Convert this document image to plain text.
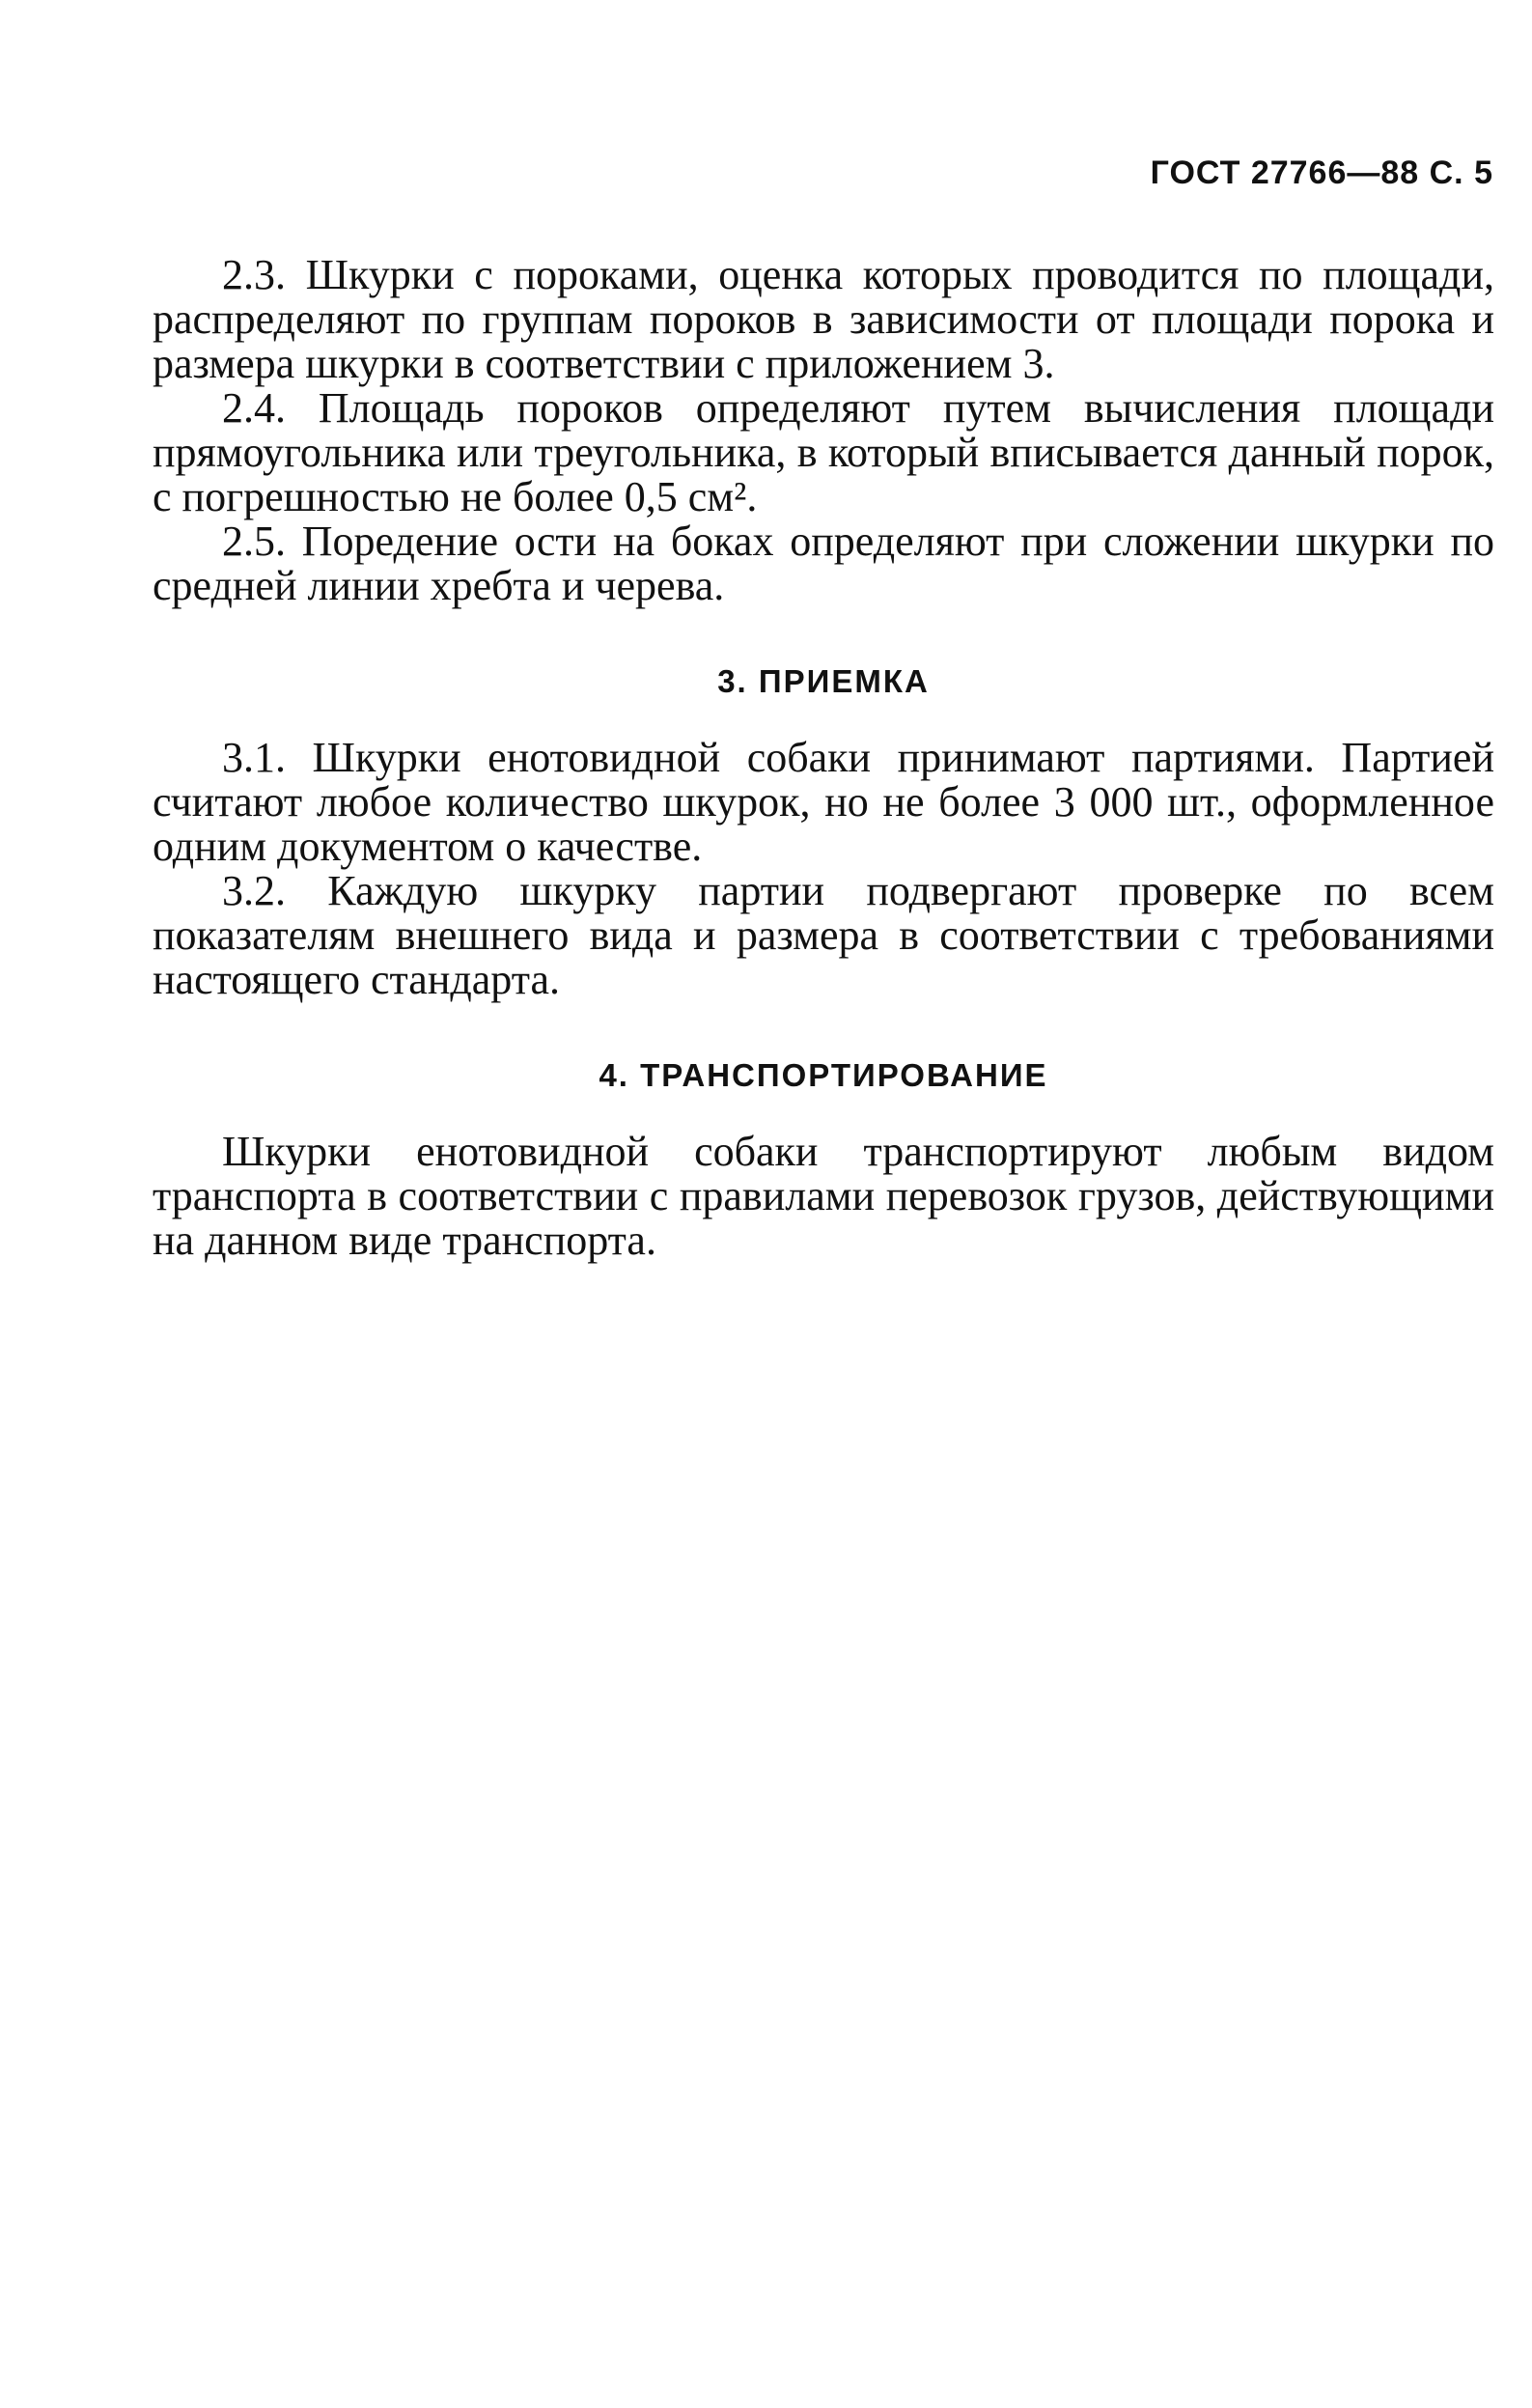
ГОСТ 27766—88 С. 5

2.3. Шкурки с пороками, оценка которых проводится по площади, распределяют по группам пороков в зависимости от площади порока и размера шкурки в соответствии с приложением 3.

2.4. Площадь пороков определяют путем вычисления площади прямоугольника или треугольника, в который вписывается данный порок, с погрешностью не более 0,5 см².

2.5. Поредение ости на боках определяют при сложении шкурки по средней линии хребта и черева.

3. ПРИЕМКА

3.1. Шкурки енотовидной собаки принимают партиями. Партией считают любое количество шкурок, но не более 3 000 шт., оформленное одним документом о качестве.

3.2. Каждую шкурку партии подвергают проверке по всем показателям внешнего вида и размера в соответствии с требованиями настоящего стандарта.

4. ТРАНСПОРТИРОВАНИЕ

Шкурки енотовидной собаки транспортируют любым видом транспорта в соответствии с правилами перевозок грузов, действующими на данном виде транспорта.
